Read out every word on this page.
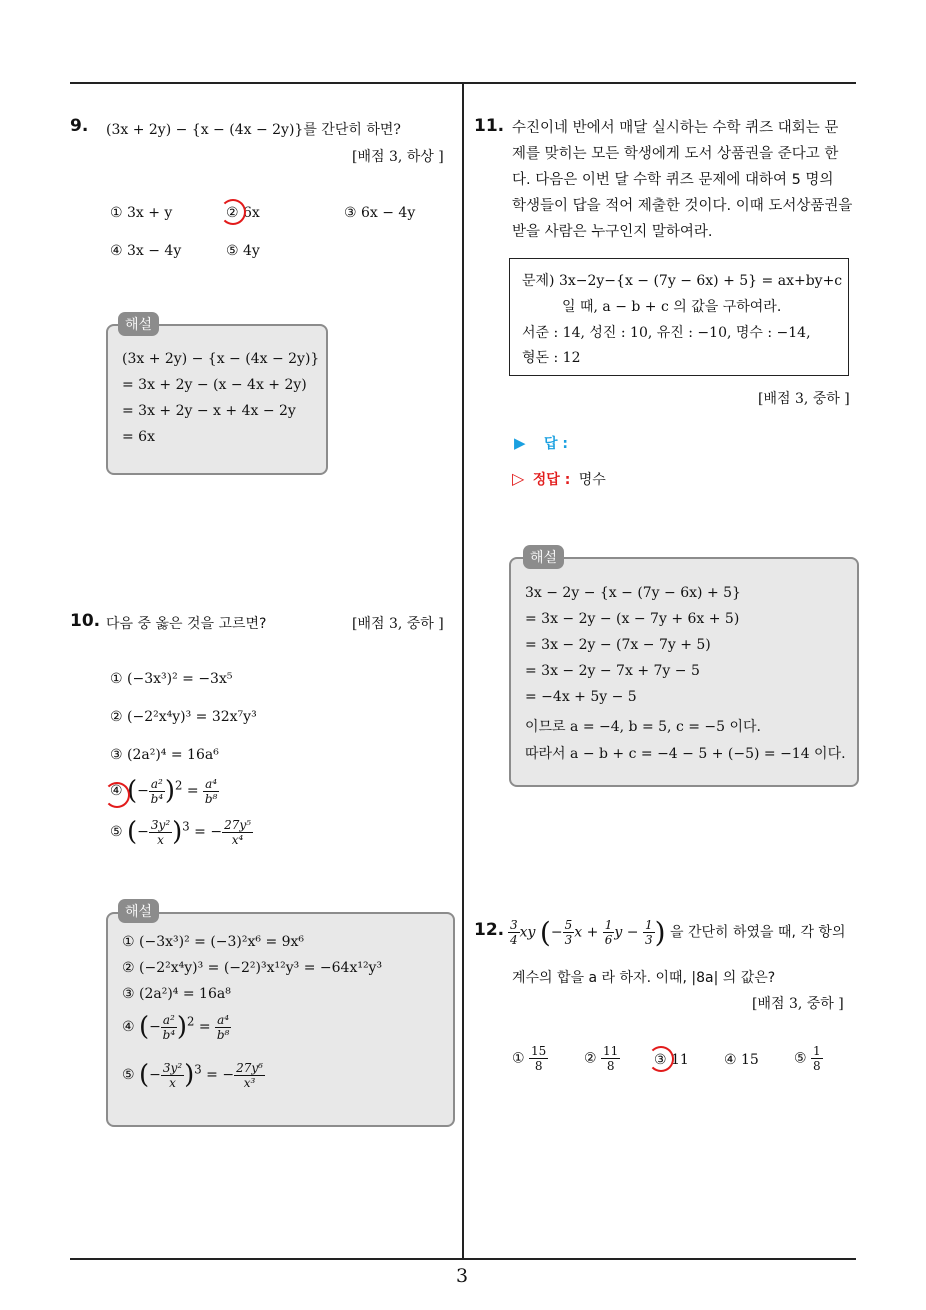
3
9. (3x + 2y) − {x − (4x − 2y)}를 간단히 하면?
[배점 3, 하상 ]
① 3x + y	② 6x	③ 6x − 4y
④ 3x − 4y	⑤ 4y
(3x + 2y) − {x − (4x − 2y)}
= 3x + 2y − (x − 4x + 2y)
= 3x + 2y − x + 4x − 2y
= 6x
해설
10. 다음 중 옳은 것을 고르면?	[배점 3, 중하 ]
① (−3x³)² = −3x⁵
② (−2²x⁴y)³ = 32x⁷y³
③ (2a²)⁴ = 16a⁶
④ (− $\frac{\text{a²}}{\text{b⁴}} )^2 = \frac{\text{a⁴}}{\text{b⁸}}$
⑤ (− $\frac{\text{3y²}}{x} )^3$ = − $\frac{\text{27y⁵}}{\text{x⁴}}$
① (−3x³)² = (−3)²x⁶ = 9x⁶
② (−2²x⁴y)³ = (−2²)³x¹²y³ = −64x¹²y³
③ (2a²)⁴ = 16a⁸
④ (− $\frac{\text{a²}}{\text{b⁴}} )^2 = \frac{\text{a⁴}}{\text{b⁸}}$
⑤ (− $\frac{\text{3y²}}{x} )^3$ = − $\frac{\text{27y⁶}}{\text{x³}}$
해설
11. 수진이네 반에서 매달 실시하는 수학 퀴즈 대회는 문
제를 맞히는 모든 학생에게 도서 상품권을 준다고 한
다. 다음은 이번 달 수학 퀴즈 문제에 대하여 5 명의
학생들이 답을 적어 제출한 것이다. 이때 도서상품권을
받을 사람은 누구인지 말하여라.
문제) 3x−2y−{x − (7y − 6x) + 5} = ax+by+c
일 때, a − b + c 의 값을 구하여라.
서준 : 14, 성진 : 10, 유진 : −10, 명수 : −14,
형돈 : 12
[배점 3, 중하 ]
▶ 답 :
▷ 정답 : 명수
3x − 2y − {x − (7y − 6x) + 5}
= 3x − 2y − (x − 7y + 6x + 5)
= 3x − 2y − (7x − 7y + 5)
= 3x − 2y − 7x + 7y − 5
= −4x + 5y − 5
이므로 a = −4, b = 5, c = −5 이다.
따라서 a − b + c = −4 − 5 + (−5) = −14 이다.
해설
12. $\frac{3}{4}$ xy (− $\frac{5}{3}$ $x + \frac{1}{6}$ $y - \frac{1}{3}$ ) 을 간단히 하였을 때, 각 항의
계수의 합을 a 라 하자. 이때, |8a| 의 값은?
[배점 3, 중하 ]
① $\frac{15}{8}$	② $\frac{11}{8}$ ③ 11	④ 15	⑤ $\frac{1}{8}$
